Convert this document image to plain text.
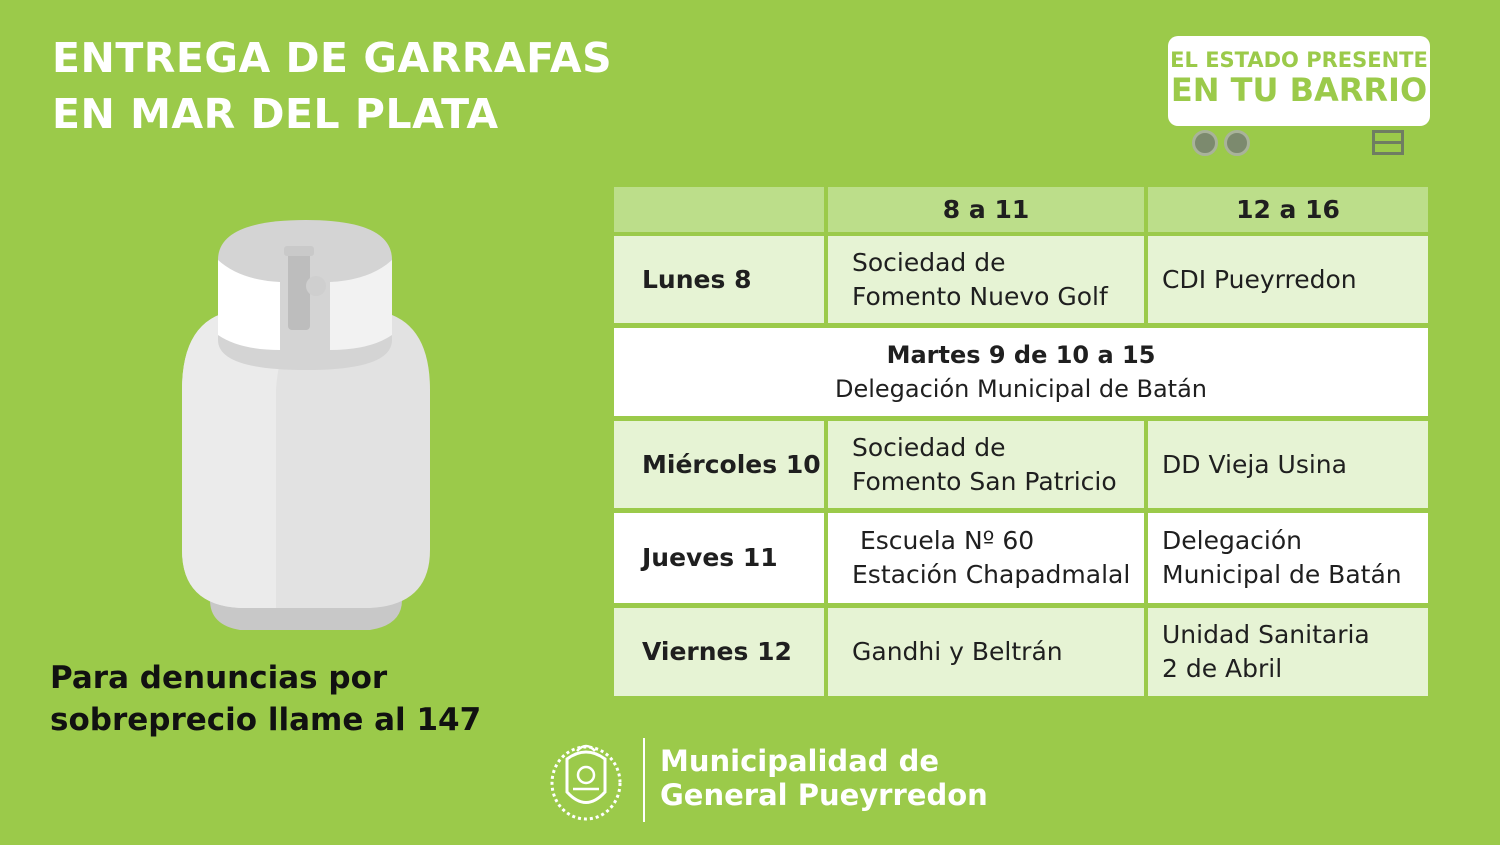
ENTREGA DE GARRAFAS
EN MAR DEL PLATA
EL ESTADO PRESENTE
EN TU BARRIO
Para denuncias por
sobreprecio llame al 147
8 a 11	12 a 16
Lunes 8
Sociedad de
Fomento Nuevo Golf
CDI Pueyrredon
Martes 9 de 10 a 15
Delegación Municipal de Batán
Miércoles 10
Sociedad de
Fomento San Patricio
DD Vieja Usina
Jueves 11
Escuela Nº 60
Estación Chapadmalal
Delegación
Municipal de Batán
Viernes 12	Gandhi y Beltrán
Unidad Sanitaria
2 de Abril
Municipalidad de
General Pueyrredon
